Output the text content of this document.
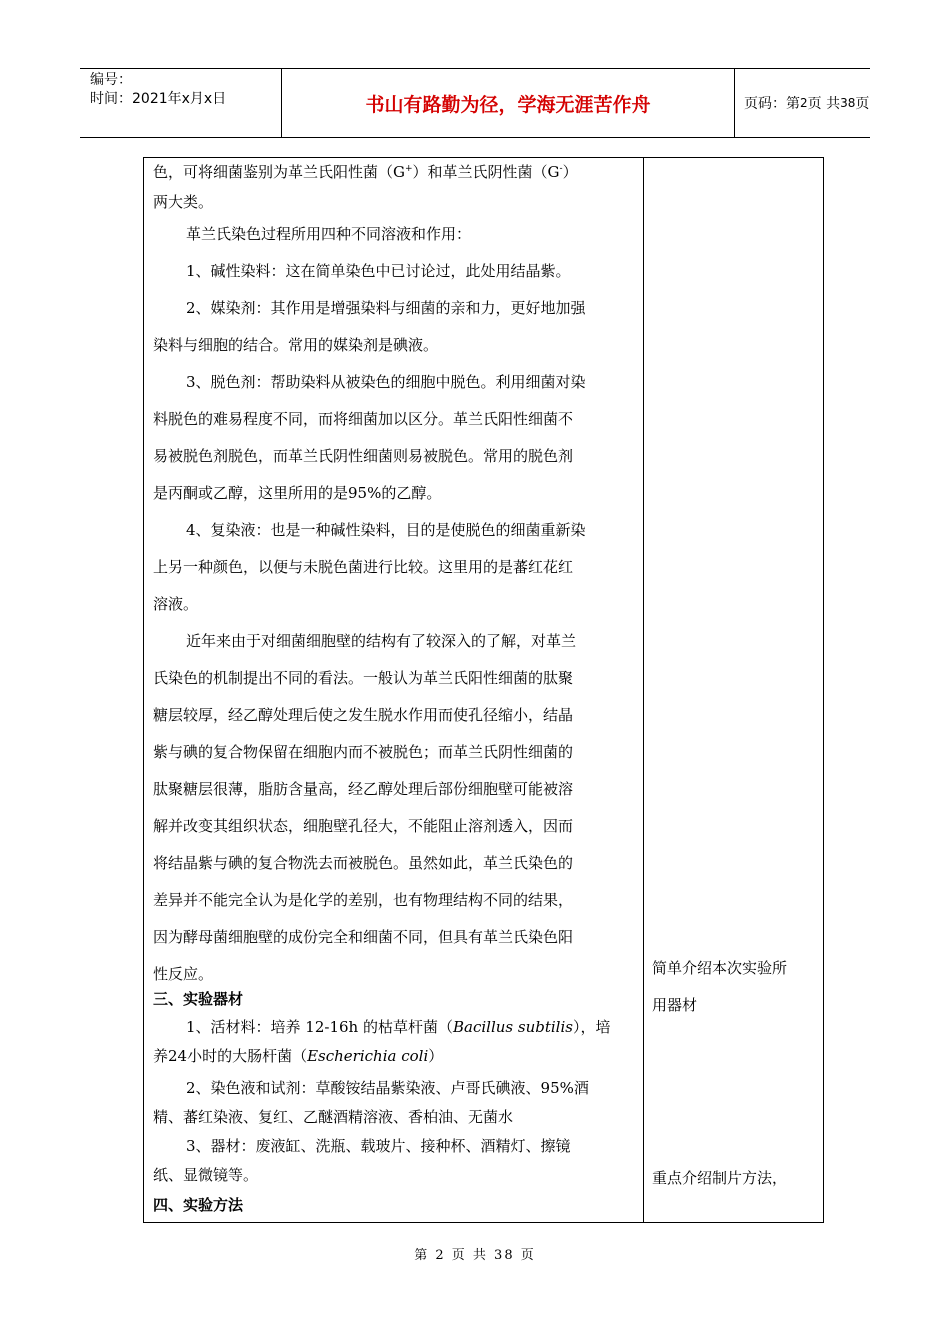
编号：
时间：2021年x月x日	书山有路勤为径，学海无涯苦作舟	页码：第 2 页 共 38 页
色，可将细菌鉴别为革兰氏阳性菌（G+）和革兰氏阴性菌（G-）
两大类。
革兰氏染色过程所用四种不同溶液和作用：
1、碱性染料：这在简单染色中已讨论过，此处用结晶紫。
2、媒染剂：其作用是增强染料与细菌的亲和力，更好地加强
染料与细胞的结合。常用的媒染剂是碘液。
3、脱色剂：帮助染料从被染色的细胞中脱色。利用细菌对染
料脱色的难易程度不同，而将细菌加以区分。革兰氏阳性细菌不
易被脱色剂脱色，而革兰氏阴性细菌则易被脱色。常用的脱色剂
是丙酮或乙醇，这里所用的是95%的乙醇。
4、复染液：也是一种碱性染料，目的是使脱色的细菌重新染
上另一种颜色，以便与未脱色菌进行比较。这里用的是蕃红花红
溶液。
近年来由于对细菌细胞壁的结构有了较深入的了解，对革兰
氏染色的机制提出不同的看法。一般认为革兰氏阳性细菌的肽聚
糖层较厚，经乙醇处理后使之发生脱水作用而使孔径缩小，结晶
紫与碘的复合物保留在细胞内而不被脱色；而革兰氏阴性细菌的
肽聚糖层很薄，脂肪含量高，经乙醇处理后部份细胞壁可能被溶
解并改变其组织状态，细胞壁孔径大，不能阻止溶剂透入，因而
将结晶紫与碘的复合物洗去而被脱色。虽然如此，革兰氏染色的
差异并不能完全认为是化学的差别，也有物理结构不同的结果，
因为酵母菌细胞壁的成份完全和细菌不同，但具有革兰氏染色阳
性反应。
三、实验器材
1、活材料：培养 12-16h 的枯草杆菌（Bacillus subtilis），培
养24小时的大肠杆菌（Escherichia coli）
2、染色液和试剂：草酸铵结晶紫染液、卢哥氏碘液、95%酒
精、蕃红染液、复红、乙醚酒精溶液、香柏油、无菌水
3、器材：废液缸、洗瓶、载玻片、接种杯、酒精灯、擦镜
纸、显微镜等。
四、实验方法
简单介绍本次实验所
用器材
重点介绍制片方法，
第 2 页 共 38 页
